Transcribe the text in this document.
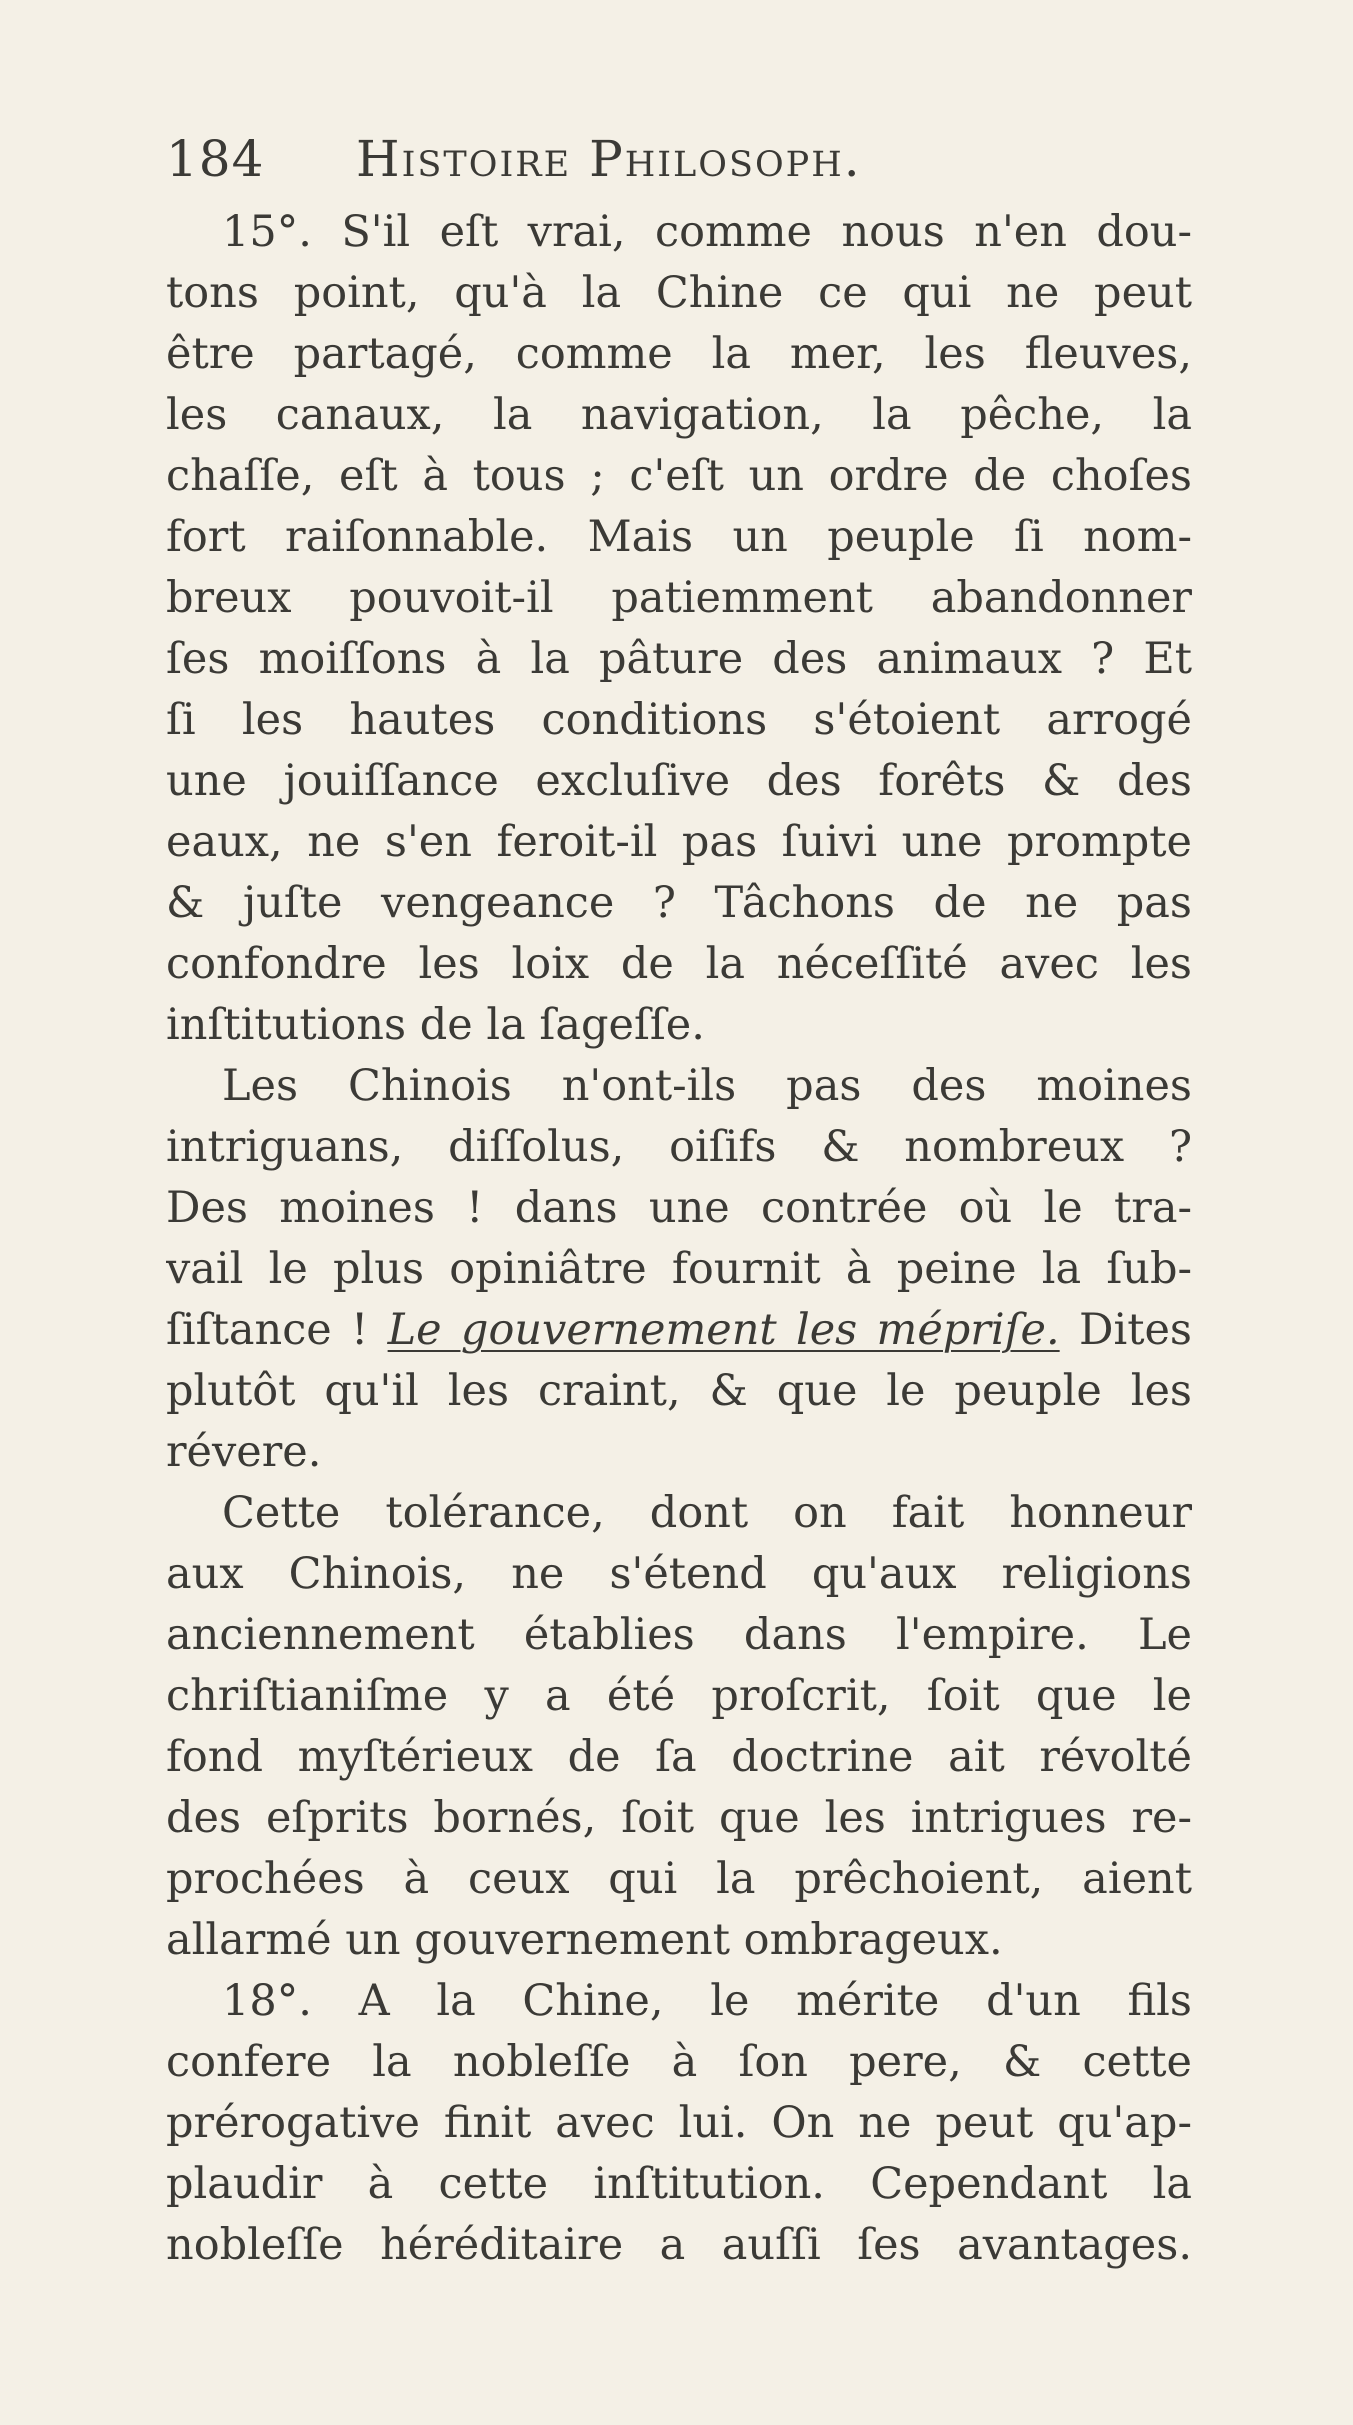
184 Histoire Philosoph.
15°. S'il eſt vrai, comme nous n'en dou-
tons point, qu'à la Chine ce qui ne peut
être partagé, comme la mer, les fleuves,
les canaux, la navigation, la pêche, la
chaſſe, eſt à tous ; c'eſt un ordre de choſes
fort raiſonnable. Mais un peuple ſi nom-
breux pouvoit-il patiemment abandonner
ſes moiſſons à la pâture des animaux ? Et
ſi les hautes conditions s'étoient arrogé
une jouiſſance excluſive des forêts & des
eaux, ne s'en feroit-il pas ſuivi une prompte
& juſte vengeance ? Tâchons de ne pas
confondre les loix de la néceſſité avec les
inſtitutions de la ſageſſe.
Les Chinois n'ont-ils pas des moines
intriguans, diſſolus, oiſifs & nombreux ?
Des moines ! dans une contrée où le tra-
vail le plus opiniâtre fournit à peine la ſub-
ſiſtance ! Le gouvernement les mépriſe. Dites
plutôt qu'il les craint, & que le peuple les
révere.
Cette tolérance, dont on fait honneur
aux Chinois, ne s'étend qu'aux religions
anciennement établies dans l'empire. Le
chriſtianiſme y a été proſcrit, ſoit que le
fond myſtérieux de ſa doctrine ait révolté
des eſprits bornés, ſoit que les intrigues re-
prochées à ceux qui la prêchoient, aient
allarmé un gouvernement ombrageux.
18°. A la Chine, le mérite d'un fils
confere la nobleſſe à ſon pere, & cette
prérogative finit avec lui. On ne peut qu'ap-
plaudir à cette inſtitution. Cependant la
nobleſſe héréditaire a auſſi ſes avantages.
